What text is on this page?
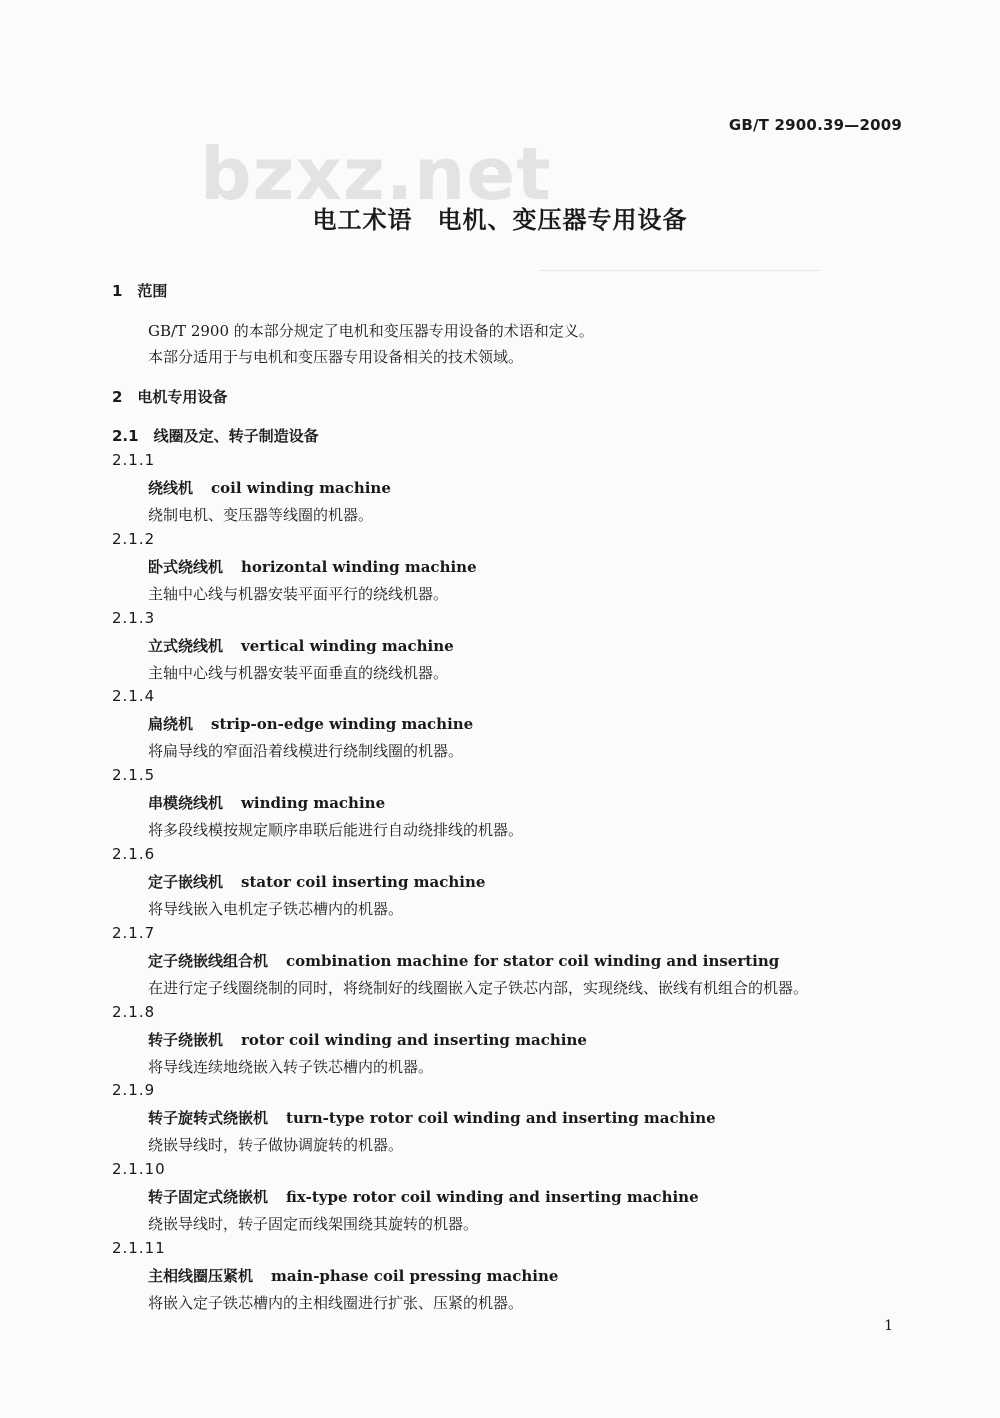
GB/T 2900.39—2009
bzxz.net
电工术语　电机、变压器专用设备
1　范围
GB/T 2900 的本部分规定了电机和变压器专用设备的术语和定义。
本部分适用于与电机和变压器专用设备相关的技术领域。
2　电机专用设备
2.1　线圈及定、转子制造设备
2.1.1
绕线机 coil winding machine
绕制电机、变压器等线圈的机器。
2.1.2
卧式绕线机 horizontal winding machine
主轴中心线与机器安装平面平行的绕线机器。
2.1.3
立式绕线机 vertical winding machine
主轴中心线与机器安装平面垂直的绕线机器。
2.1.4
扁绕机 strip-on-edge winding machine
将扁导线的窄面沿着线模进行绕制线圈的机器。
2.1.5
串模绕线机 winding machine
将多段线模按规定顺序串联后能进行自动绕排线的机器。
2.1.6
定子嵌线机 stator coil inserting machine
将导线嵌入电机定子铁芯槽内的机器。
2.1.7
定子绕嵌线组合机 combination machine for stator coil winding and inserting
在进行定子线圈绕制的同时，将绕制好的线圈嵌入定子铁芯内部，实现绕线、嵌线有机组合的机器。
2.1.8
转子绕嵌机 rotor coil winding and inserting machine
将导线连续地绕嵌入转子铁芯槽内的机器。
2.1.9
转子旋转式绕嵌机 turn-type rotor coil winding and inserting machine
绕嵌导线时，转子做协调旋转的机器。
2.1.10
转子固定式绕嵌机 fix-type rotor coil winding and inserting machine
绕嵌导线时，转子固定而线架围绕其旋转的机器。
2.1.11
主相线圈压紧机 main-phase coil pressing machine
将嵌入定子铁芯槽内的主相线圈进行扩张、压紧的机器。
1
